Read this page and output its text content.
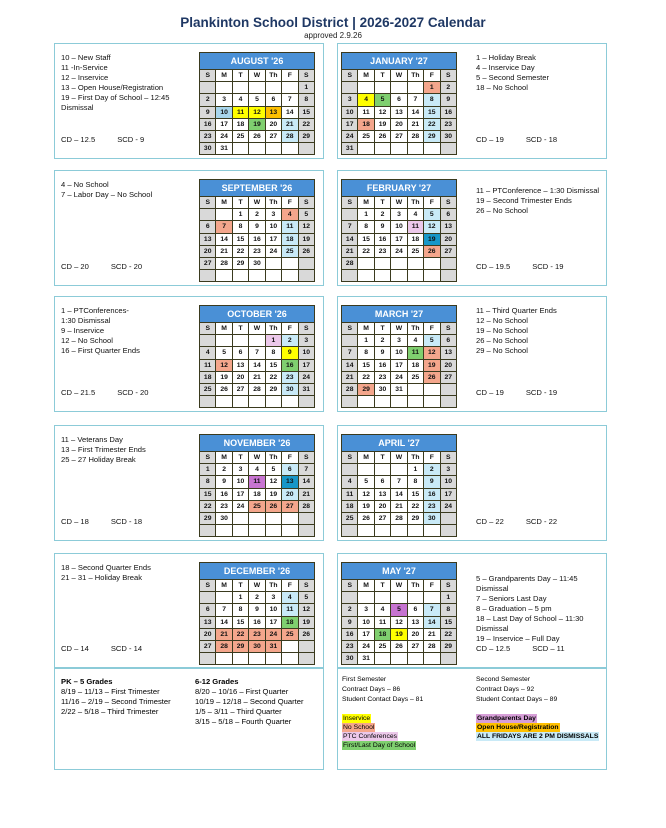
Plankinton School District | 2026-2027 Calendar
approved 2.9.26
10 – New Staff
11 -In-Service
12 – Inservice
13 – Open House/Registration
19 – First Day of School – 12:45 Dismissal
CD – 12.5	SCD - 9
AUGUST '26						
S	M	T	W	Th	F	S
						1
2	3	4	5	6	7	8
9	10	11	12	13	14	15
16	17	18	19	20	21	22
23	24	25	26	27	28	29
30	31					
1 – Holiday Break
4 – Inservice Day
5 – Second Semester
18 – No School
CD – 19	SCD - 18
JANUARY '27						
S	M	T	W	Th	F	S
					1	2
3	4	5	6	7	8	9
10	11	12	13	14	15	16
17	18	19	20	21	22	23
24	25	26	27	28	29	30
31						
4 – No School
7 – Labor Day – No School
CD – 20	SCD - 20
SEPTEMBER '26						
S	M	T	W	Th	F	S
		1	2	3	4	5
6	7	8	9	10	11	12
13	14	15	16	17	18	19
20	21	22	23	24	25	26
27	28	29	30			

11 – PTConference – 1:30 Dismissal
19 – Second Trimester Ends
26 – No School
CD – 19.5	SCD - 19
FEBRUARY '27						
S	M	T	W	Th	F	S
	1	2	3	4	5	6
7	8	9	10	11	12	13
14	15	16	17	18	19	20
21	22	23	24	25	26	27
28						

1 – PTConferences-
1:30 Dismissal
9 – Inservice
12 – No School
16 – First Quarter Ends
CD – 21.5	SCD - 20
OCTOBER '26						
S	M	T	W	Th	F	S
				1	2	3
4	5	6	7	8	9	10
11	12	13	14	15	16	17
18	19	20	21	22	23	24
25	26	27	28	29	30	31

11 – Third Quarter Ends
12 – No School
19 – No School
26 – No School
29 – No School
CD – 19	SCD - 19
MARCH '27						
S	M	T	W	Th	F	S
	1	2	3	4	5	6
7	8	9	10	11	12	13
14	15	16	17	18	19	20
21	22	23	24	25	26	27
28	29	30	31			

11 – Veterans Day
13 – First Trimester Ends
25 – 27 Holiday Break
CD – 18	SCD - 18
NOVEMBER '26						
S	M	T	W	Th	F	S
1	2	3	4	5	6	7
8	9	10	11	12	13	14
15	16	17	18	19	20	21
22	23	24	25	26	27	28
29	30					
							CD – 22	SCD - 22
APRIL '27						
S	M	T	W	Th	F	S
				1	2	3
4	5	6	7	8	9	10
11	12	13	14	15	16	17
18	19	20	21	22	23	24
25	26	27	28	29	30	

18 – Second Quarter Ends
21 – 31 – Holiday Break
CD – 14	SCD - 14
DECEMBER '26						
S	M	T	W	Th	F	S
		1	2	3	4	5
6	7	8	9	10	11	12
13	14	15	16	17	18	19
20	21	22	23	24	25	26
27	28	29	30	31		

5 – Grandparents Day – 11:45 Dismissal
7 – Seniors Last Day
8 – Graduation – 5 pm
18 – Last Day of School – 11:30 Dismissal
19 – Inservice – Full Day
CD – 12.5	SCD – 11
MAY '27						
S	M	T	W	Th	F	S
						1
2	3	4	5	6	7	8
9	10	11	12	13	14	15
16	17	18	19	20	21	22
23	24	25	26	27	28	29
30	31					
PK – 5 Grades
8/19 – 11/13 – First Trimester
11/16 – 2/19 – Second Trimester
2/22 – 5/18 – Third Trimester
6-12 Grades
8/20 – 10/16 – First Quarter
10/19 – 12/18 – Second Quarter
1/5 – 3/11 – Third Quarter
3/15 – 5/18 – Fourth Quarter
First Semester
Contract Days – 86
Student Contact Days – 81
Second Semester
Contract Days – 92
Student Contact Days – 89
Inservice
No School
PTC Conferences
First/Last Day of School
Grandparents Day
Open House/Registration
ALL FRIDAYS ARE 2 PM DISMISSALS
